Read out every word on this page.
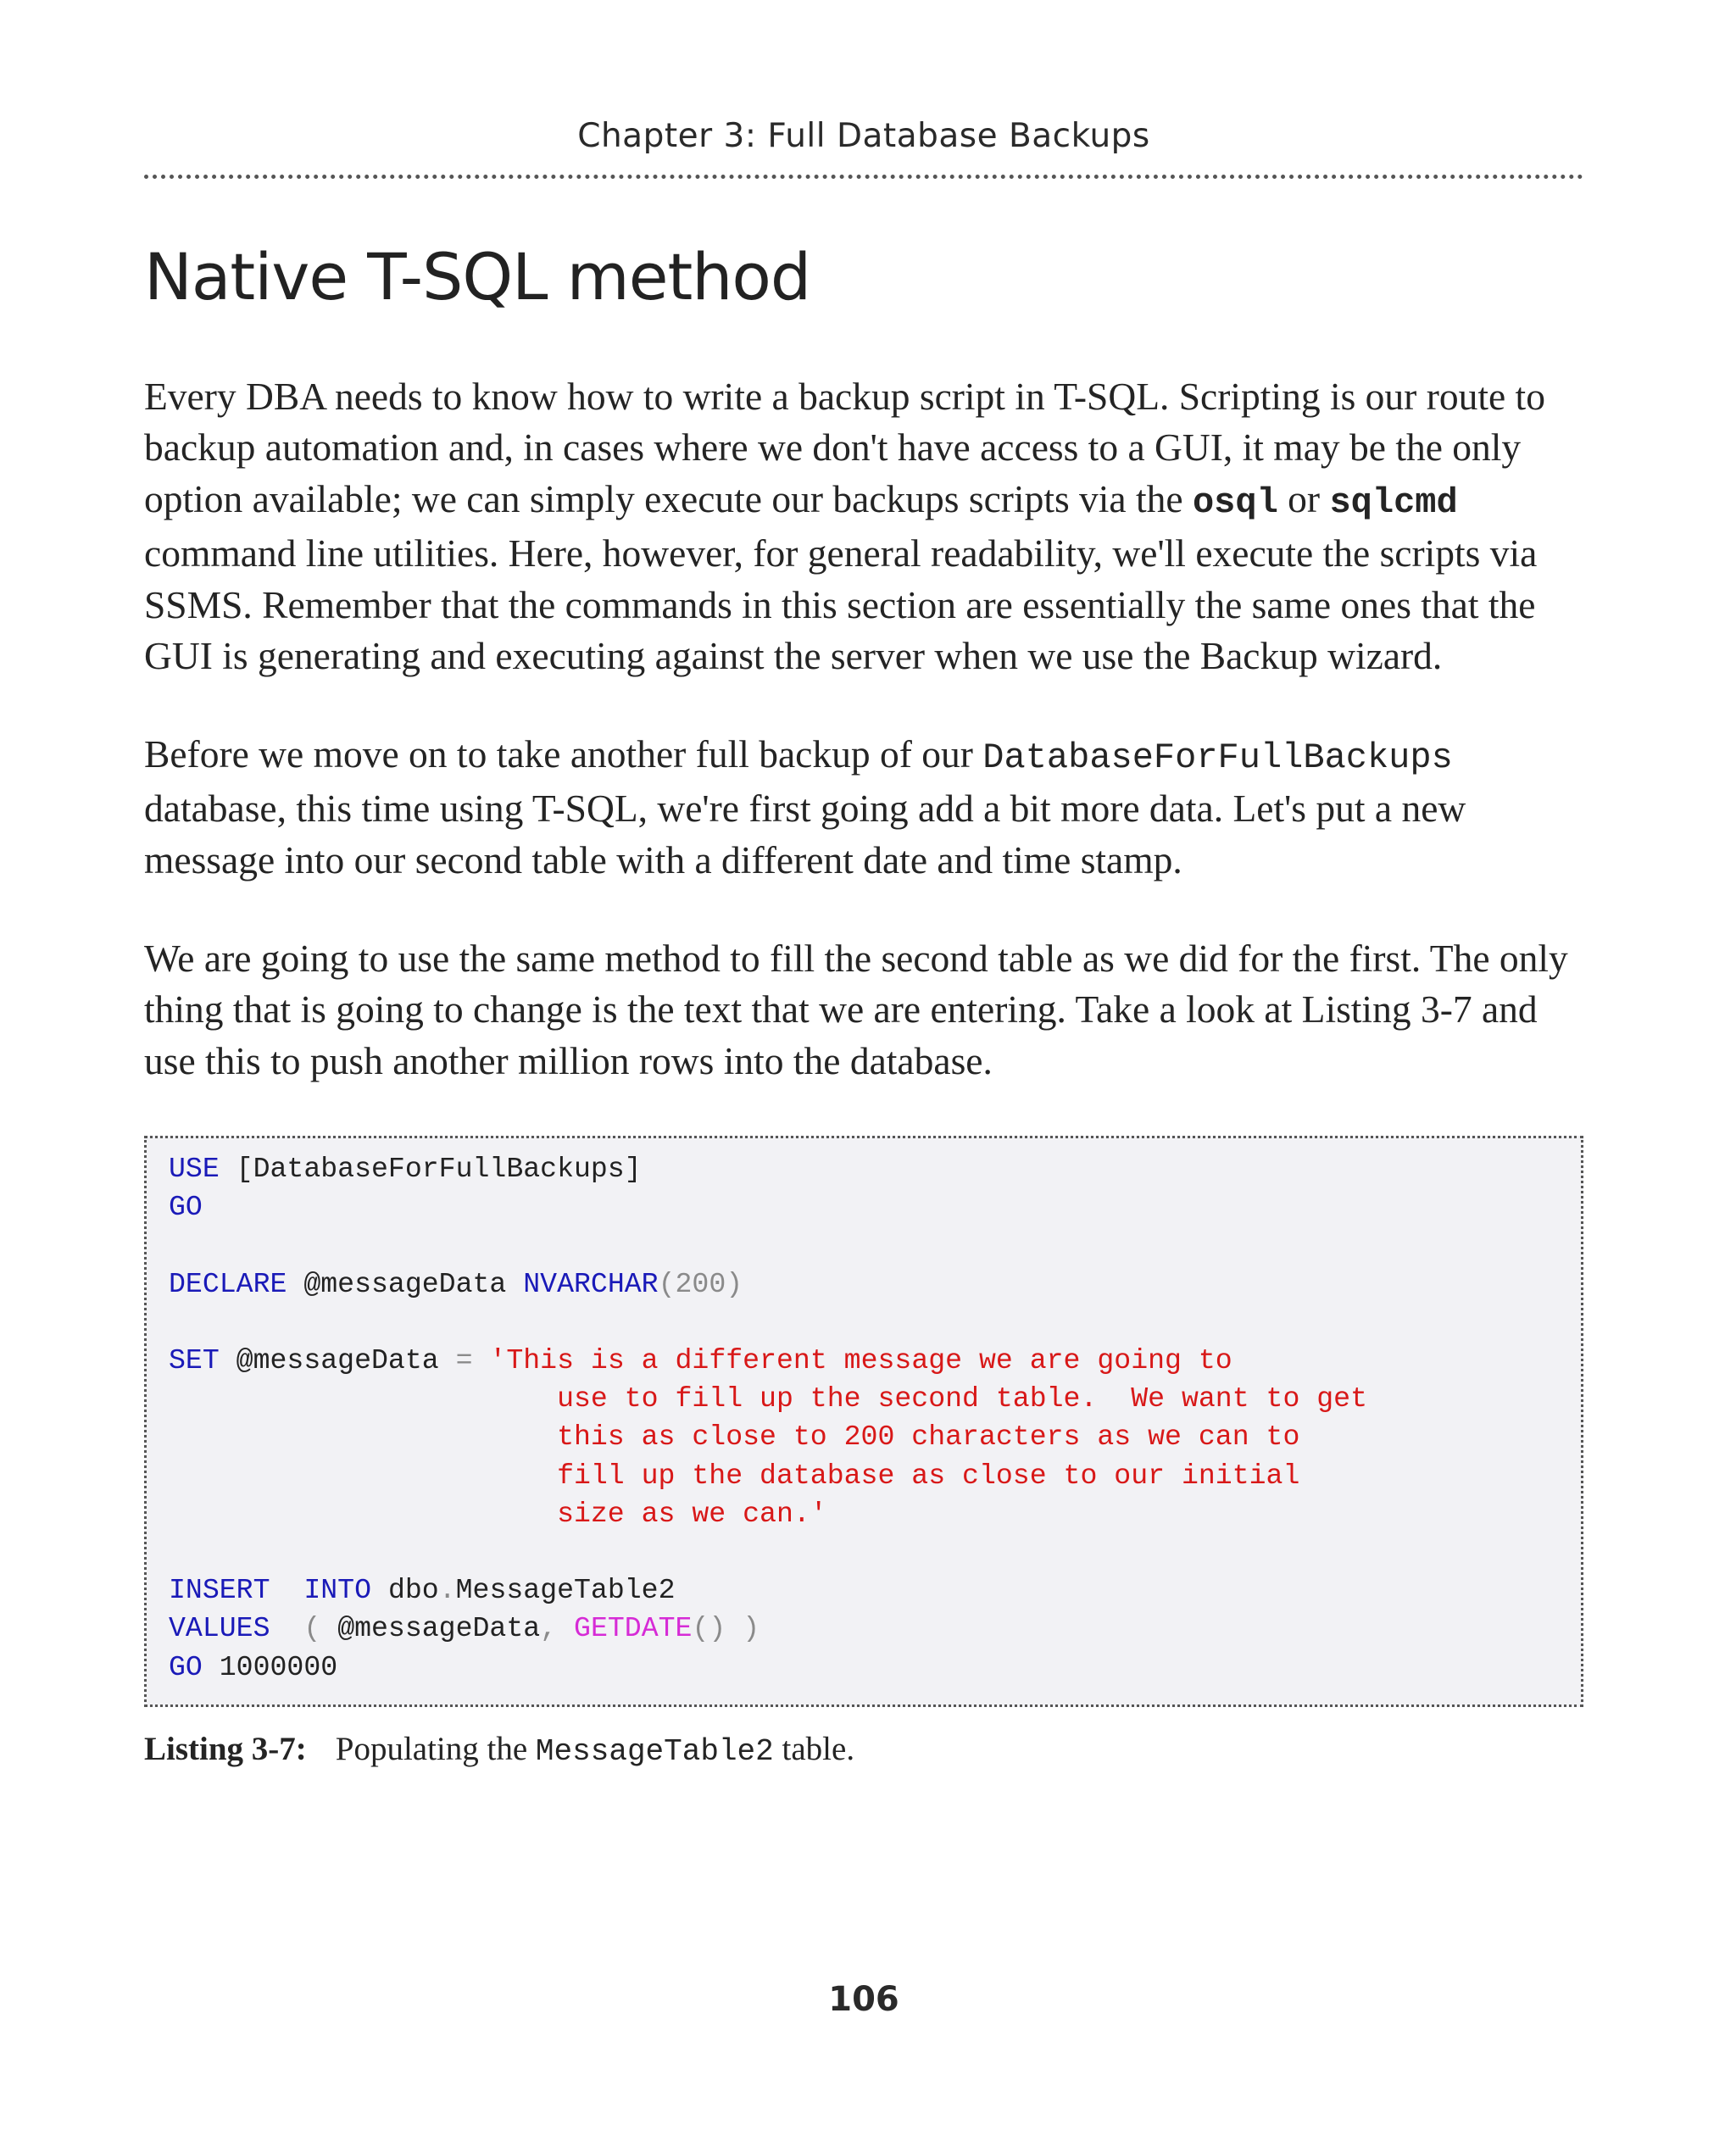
Chapter 3: Full Database Backups
Native T-SQL method

Every DBA needs to know how to write a backup script in T-SQL. Scripting is our route to backup automation and, in cases where we don't have access to a GUI, it may be the only option available; we can simply execute our backups scripts via the osql or sqlcmd command line utilities. Here, however, for general readability, we'll execute the scripts via SSMS. Remember that the commands in this section are essentially the same ones that the GUI is generating and executing against the server when we use the Backup wizard.

Before we move on to take another full backup of our DatabaseForFullBackups database, this time using T-SQL, we're first going add a bit more data. Let's put a new message into our second table with a different date and time stamp.

We are going to use the same method to fill the second table as we did for the first. The only thing that is going to change is the text that we are entering. Take a look at Listing 3-7 and use this to push another million rows into the database.

USE [DatabaseForFullBackups]
GO

DECLARE @messageData NVARCHAR(200)

SET @messageData = 'This is a different message we are going to
use to fill up the second table.  We want to get
this as close to 200 characters as we can to
fill up the database as close to our initial
size as we can.'

INSERT INTO dbo.MessageTable2
VALUES ( @messageData, GETDATE() )
GO 1000000
Listing 3-7: Populating the MessageTable2 table.
106
